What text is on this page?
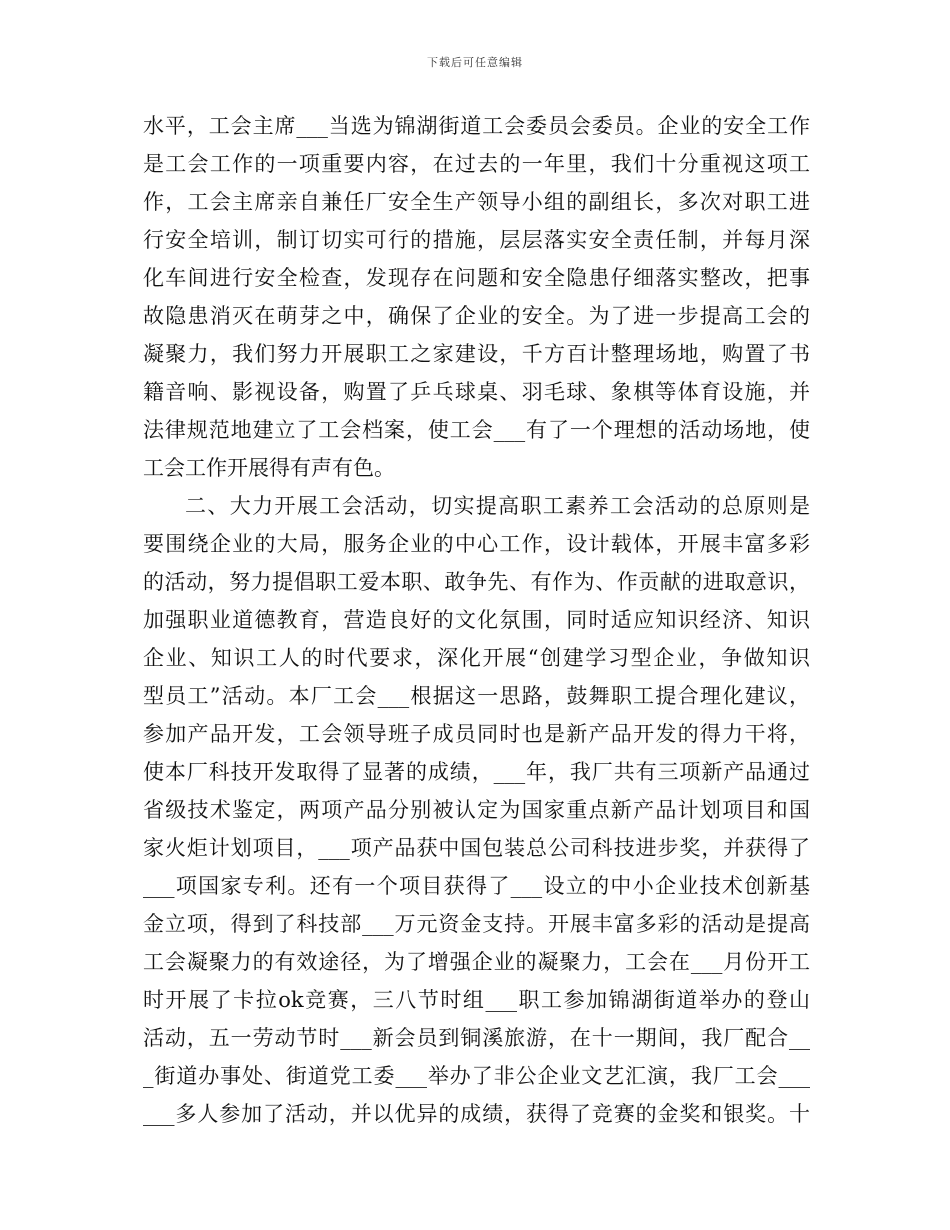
下载后可任意编辑
水平，工会主席___当选为锦湖街道工会委员会委员。企业的安全工作
是工会工作的一项重要内容，在过去的一年里，我们十分重视这项工
作，工会主席亲自兼任厂安全生产领导小组的副组长，多次对职工进
行安全培训，制订切实可行的措施，层层落实安全责任制，并每月深
化车间进行安全检查，发现存在问题和安全隐患仔细落实整改，把事
故隐患消灭在萌芽之中，确保了企业的安全。为了进一步提高工会的
凝聚力，我们努力开展职工之家建设，千方百计整理场地，购置了书
籍音响、影视设备，购置了乒乓球桌、羽毛球、象棋等体育设施，并
法律规范地建立了工会档案，使工会___有了一个理想的活动场地，使
工会工作开展得有声有色。
二、大力开展工会活动，切实提高职工素养工会活动的总原则是
要围绕企业的大局，服务企业的中心工作，设计载体，开展丰富多彩
的活动，努力提倡职工爱本职、敢争先、有作为、作贡献的进取意识，
加强职业道德教育，营造良好的文化氛围，同时适应知识经济、知识
企业、知识工人的时代要求，深化开展“创建学习型企业，争做知识
型员工”活动。本厂工会___根据这一思路，鼓舞职工提合理化建议，
参加产品开发，工会领导班子成员同时也是新产品开发的得力干将，
使本厂科技开发取得了显著的成绩，___年，我厂共有三项新产品通过
省级技术鉴定，两项产品分别被认定为国家重点新产品计划项目和国
家火炬计划项目，___项产品获中国包装总公司科技进步奖，并获得了
___项国家专利。还有一个项目获得了___设立的中小企业技术创新基
金立项，得到了科技部___万元资金支持。开展丰富多彩的活动是提高
工会凝聚力的有效途径，为了增强企业的凝聚力，工会在___月份开工
时开展了卡拉ok竞赛，三八节时组___职工参加锦湖街道举办的登山
活动，五一劳动节时___新会员到铜溪旅游，在十一期间，我厂配合__
_街道办事处、街道党工委___举办了非公企业文艺汇演，我厂工会___
___多人参加了活动，并以优异的成绩，获得了竞赛的金奖和银奖。十
